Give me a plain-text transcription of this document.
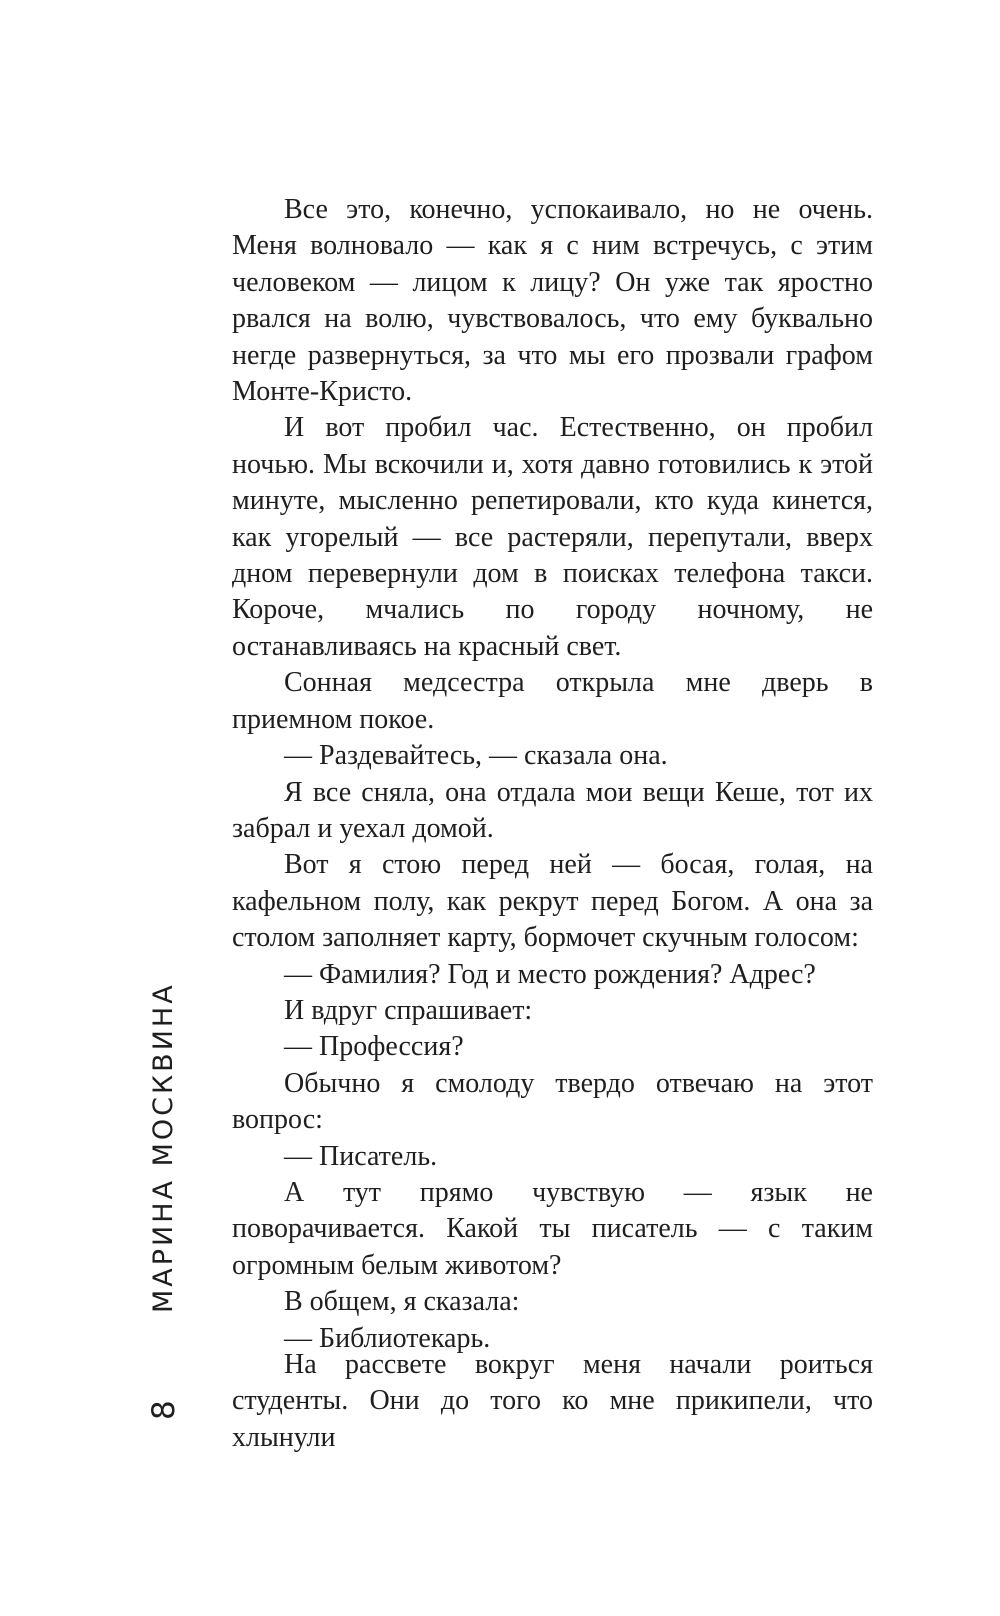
МАРИНА МОСКВИНА
8

Все это, конечно, успокаивало, но не очень. Меня волновало — как я с ним встречусь, с этим человеком — лицом к лицу? Он уже так яростно рвался на волю, чувствовалось, что ему буквально негде развернуться, за что мы его прозвали графом Монте-Кристо.

И вот пробил час. Естественно, он пробил ночью. Мы вскочили и, хотя давно готовились к этой минуте, мысленно репетировали, кто куда кинется, как угорелый — все растеряли, перепутали, вверх дном перевернули дом в поисках телефона такси. Короче, мчались по городу ночному, не останавливаясь на красный свет.

Сонная медсестра открыла мне дверь в приемном покое.

— Раздевайтесь, — сказала она.

Я все сняла, она отдала мои вещи Кеше, тот их забрал и уехал домой.

Вот я стою перед ней — босая, голая, на кафельном полу, как рекрут перед Богом. А она за столом заполняет карту, бормочет скучным голосом:

— Фамилия? Год и место рождения? Адрес?

И вдруг спрашивает:

— Профессия?

Обычно я смолоду твердо отвечаю на этот вопрос:

— Писатель.

А тут прямо чувствую — язык не поворачивается. Какой ты писатель — с таким огромным белым животом?

В общем, я сказала:

— Библиотекарь.

На рассвете вокруг меня начали роиться студенты. Они до того ко мне прикипели, что хлынули
